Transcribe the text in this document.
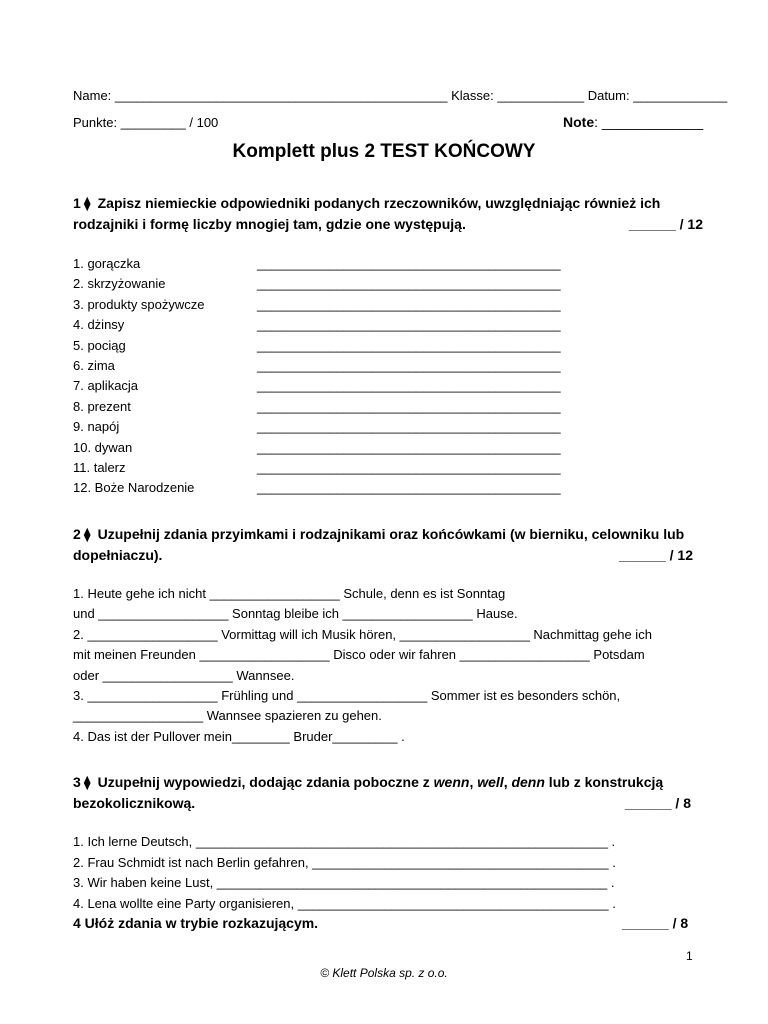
Name: ______________________________________________ Klasse: ____________ Datum: _____________
Punkte: _________ / 100	Note: _____________
Komplett plus 2 TEST KOŃCOWY
1 ⧫ Zapisz niemieckie odpowiedniki podanych rzeczowników, uwzględniając również ich rodzajniki i formę liczby mnogiej tam, gdzie one występują.	______ / 12
1. gorączka	__________________________________________
2. skrzyżowanie	__________________________________________
3. produkty spożywcze	__________________________________________
4. dżinsy	__________________________________________
5. pociąg	__________________________________________
6. zima	__________________________________________
7. aplikacja	__________________________________________
8. prezent	__________________________________________
9. napój	__________________________________________
10. dywan	__________________________________________
11. talerz	__________________________________________
12. Boże Narodzenie	__________________________________________
2 ⧫ Uzupełnij zdania przyimkami i rodzajnikami oraz końcówkami (w bierniku, celowniku lub dopełniaczu).	______ / 12
1. Heute gehe ich nicht __________________ Schule, denn es ist Sonntag
und __________________ Sonntag bleibe ich __________________ Hause.
2. __________________ Vormittag will ich Musik hören, __________________ Nachmittag gehe ich
mit meinen Freunden __________________ Disco oder wir fahren __________________ Potsdam
oder __________________ Wannsee.
3. __________________ Frühling und __________________ Sommer ist es besonders schön,
__________________ Wannsee spazieren zu gehen.
4. Das ist der Pullover mein________ Bruder_________ .
3 ⧫ Uzupełnij wypowiedzi, dodając zdania poboczne z wenn, well, denn lub z konstrukcją bezokolicznikową.	______ / 8
1. Ich lerne Deutsch, _________________________________________________________ .
2. Frau Schmidt ist nach Berlin gefahren, _________________________________________ .
3. Wir haben keine Lust, ______________________________________________________ .
4. Lena wollte eine Party organisieren, ___________________________________________ .
4 Ułóż zdania w trybie rozkazującym.	______ / 8
1
© Klett Polska sp. z o.o.
